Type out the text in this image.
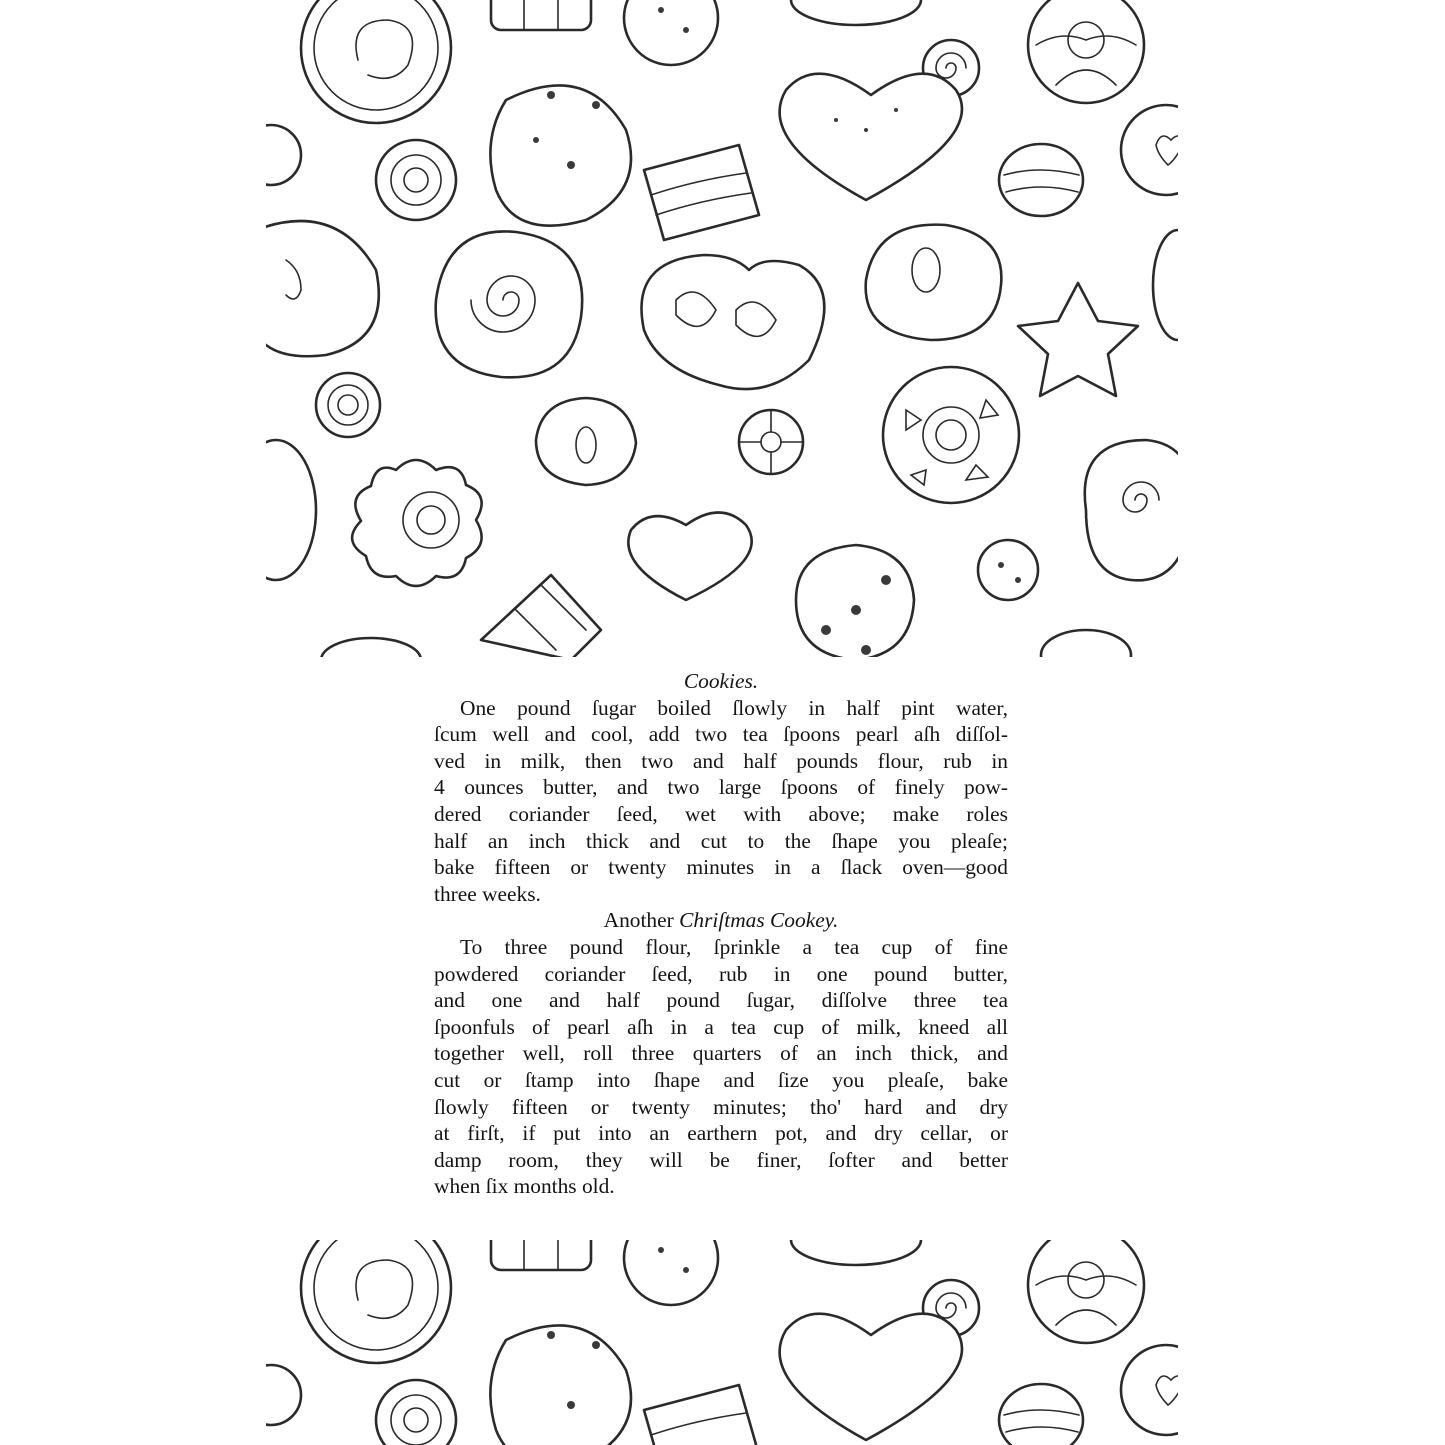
Cookies.

One pound ſugar boiled ſlowly in half pint water,
ſcum well and cool, add two tea ſpoons pearl aſh diſſol-
ved in milk, then two and half pounds flour, rub in
4 ounces butter, and two large ſpoons of finely pow-
dered coriander ſeed, wet with above; make roles
half an inch thick and cut to the ſhape you pleaſe;
bake fifteen or twenty minutes in a ſlack oven—good
three weeks.

Another Chriſtmas Cookey.

To three pound flour, ſprinkle a tea cup of fine
powdered coriander ſeed, rub in one pound butter,
and one and half pound ſugar, diſſolve three tea
ſpoonfuls of pearl aſh in a tea cup of milk, kneed all
together well, roll three quarters of an inch thick, and
cut or ſtamp into ſhape and ſize you pleaſe, bake
ſlowly fifteen or twenty minutes; tho' hard and dry
at firſt, if put into an earthern pot, and dry cellar, or
damp room, they will be finer, ſofter and better
when ſix months old.
